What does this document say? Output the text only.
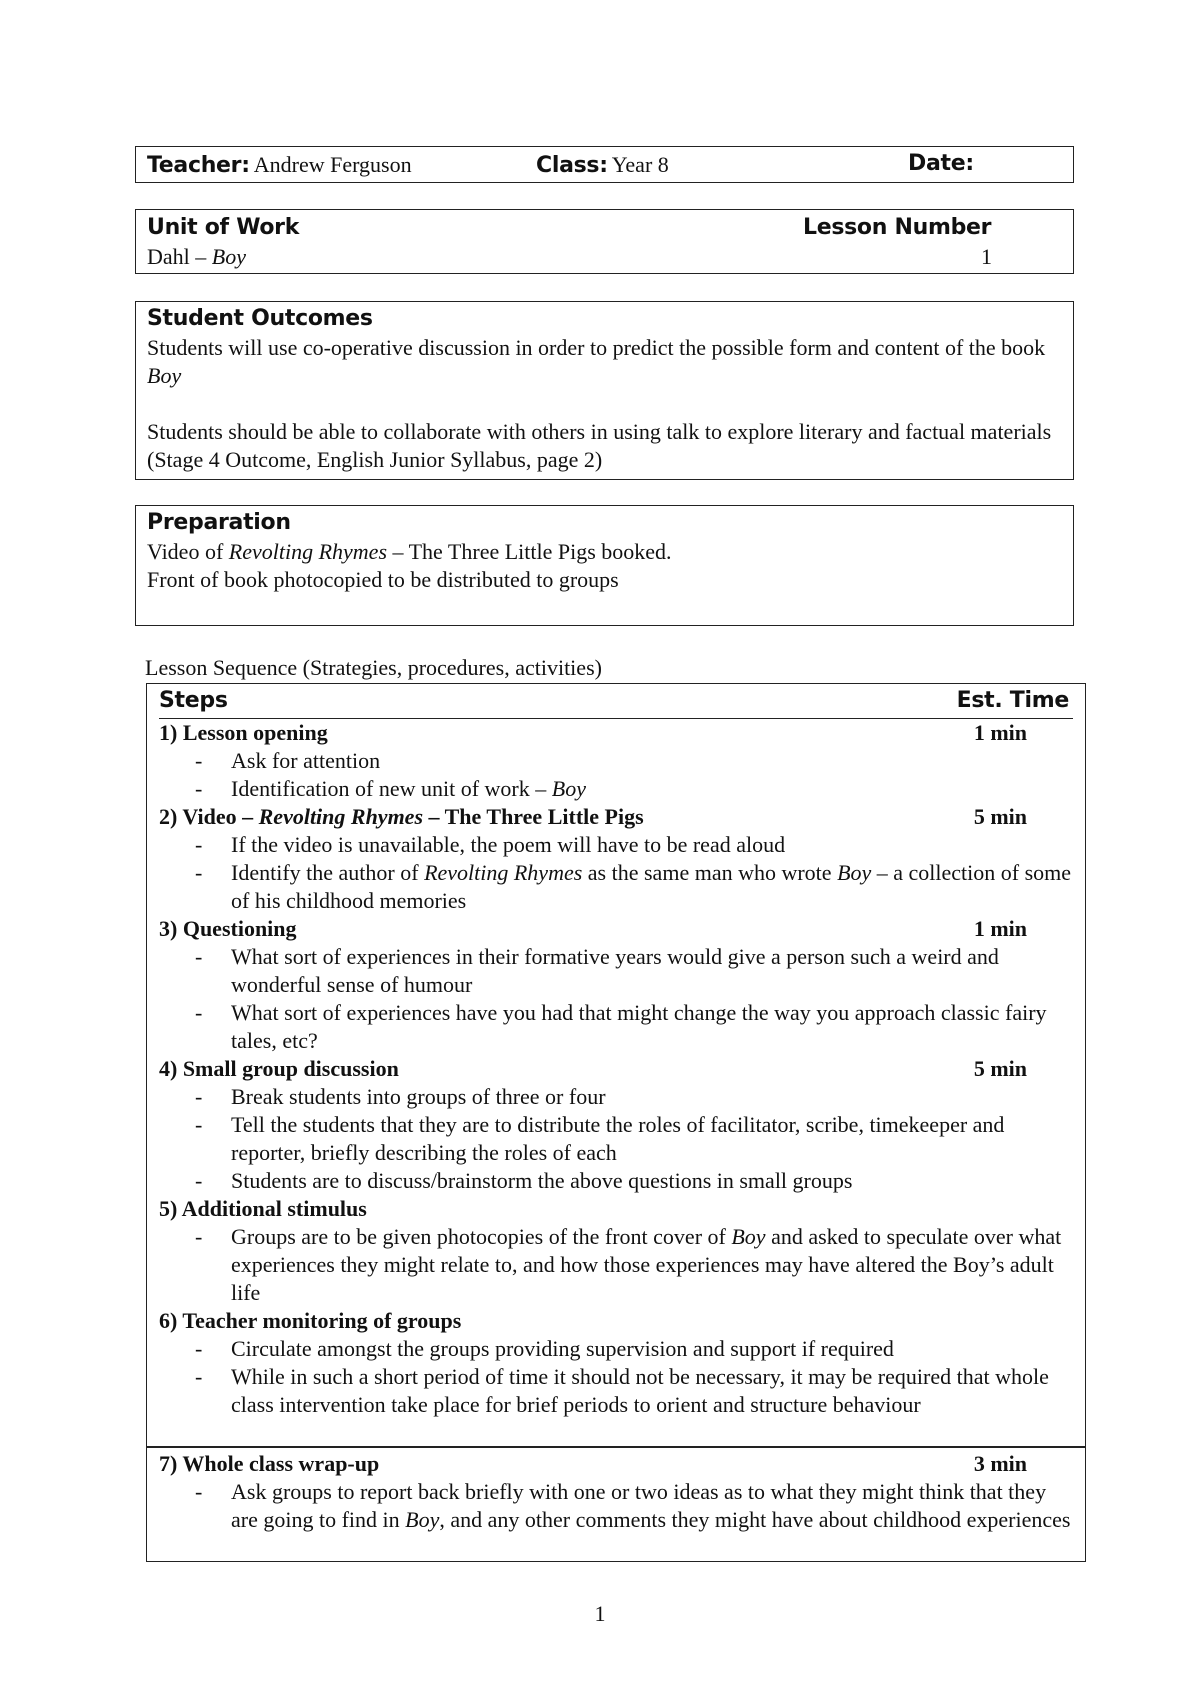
Teacher: Andrew Ferguson	Class: Year 8	Date:
Unit of Work	Lesson Number
Dahl – Boy	1
Student Outcomes
Students will use co-operative discussion in order to predict the possible form and content of the book Boy
Students should be able to collaborate with others in using talk to explore literary and factual materials (Stage 4 Outcome, English Junior Syllabus, page 2)
Preparation
Video of Revolting Rhymes – The Three Little Pigs booked.
Front of book photocopied to be distributed to groups
Lesson Sequence (Strategies, procedures, activities)
Steps	Est. Time
1) Lesson opening	1 min
- Ask for attention
- Identification of new unit of work – Boy
2) Video – Revolting Rhymes – The Three Little Pigs	5 min
- If the video is unavailable, the poem will have to be read aloud
- Identify the author of Revolting Rhymes as the same man who wrote Boy – a collection of some of his childhood memories
3) Questioning	1 min
- What sort of experiences in their formative years would give a person such a weird and wonderful sense of humour
- What sort of experiences have you had that might change the way you approach classic fairy tales, etc?
4) Small group discussion	5 min
- Break students into groups of three or four
- Tell the students that they are to distribute the roles of facilitator, scribe, timekeeper and reporter, briefly describing the roles of each
- Students are to discuss/brainstorm the above questions in small groups
5) Additional stimulus
- Groups are to be given photocopies of the front cover of Boy and asked to speculate over what experiences they might relate to, and how those experiences may have altered the Boy’s adult life
6) Teacher monitoring of groups
- Circulate amongst the groups providing supervision and support if required
- While in such a short period of time it should not be necessary, it may be required that whole class intervention take place for brief periods to orient and structure behaviour
7) Whole class wrap-up	3 min
- Ask groups to report back briefly with one or two ideas as to what they might think that they are going to find in Boy, and any other comments they might have about childhood experiences
1
